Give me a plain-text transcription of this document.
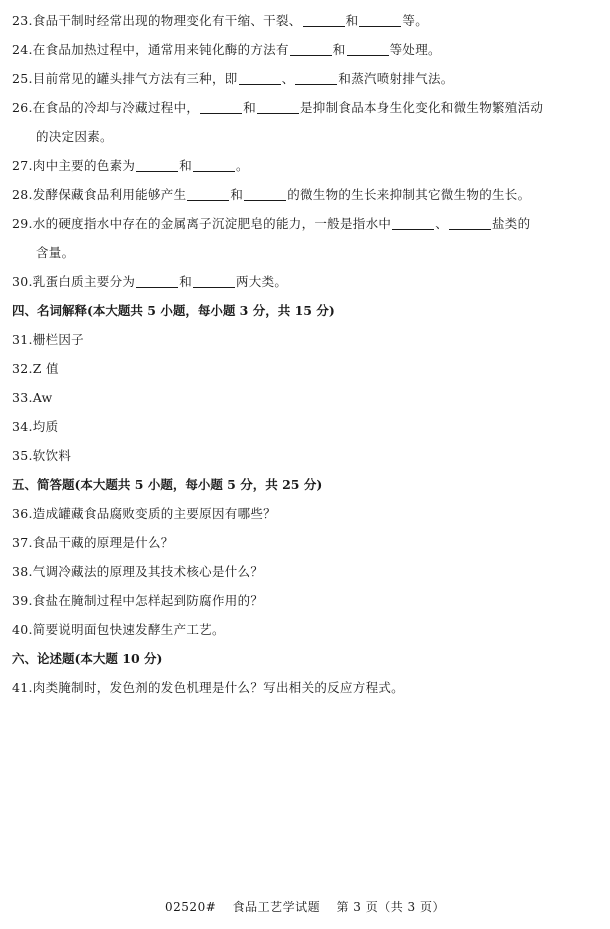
23.食品干制时经常出现的物理变化有干缩、干裂、	和	等。
24.在食品加热过程中，通常用来钝化酶的方法有	和	等处理。
25.目前常见的罐头排气方法有三种，即	、	和蒸汽喷射排气法。
26.在食品的冷却与冷藏过程中，	和	是抑制食品本身生化变化和微生物繁殖活动
的决定因素。
27.肉中主要的色素为	和	。
28.发酵保藏食品利用能够产生	和	的微生物的生长来抑制其它微生物的生长。
29.水的硬度指水中存在的金属离子沉淀肥皂的能力，一般是指水中	、	盐类的
含量。
30.乳蛋白质主要分为	和	两大类。
四、名词解释(本大题共 5 小题，每小题 3 分，共 15 分)
31.栅栏因子
32.Z 值
33.Aw
34.均质
35.软饮料
五、简答题(本大题共 5 小题，每小题 5 分，共 25 分)
36.造成罐藏食品腐败变质的主要原因有哪些？
37.食品干藏的原理是什么？
38.气调冷藏法的原理及其技术核心是什么？
39.食盐在腌制过程中怎样起到防腐作用的？
40.简要说明面包快速发酵生产工艺。
六、论述题(本大题 10 分)
41.肉类腌制时，发色剂的发色机理是什么？写出相关的反应方程式。
02520# 食品工艺学试题 第 3 页（共 3 页）
